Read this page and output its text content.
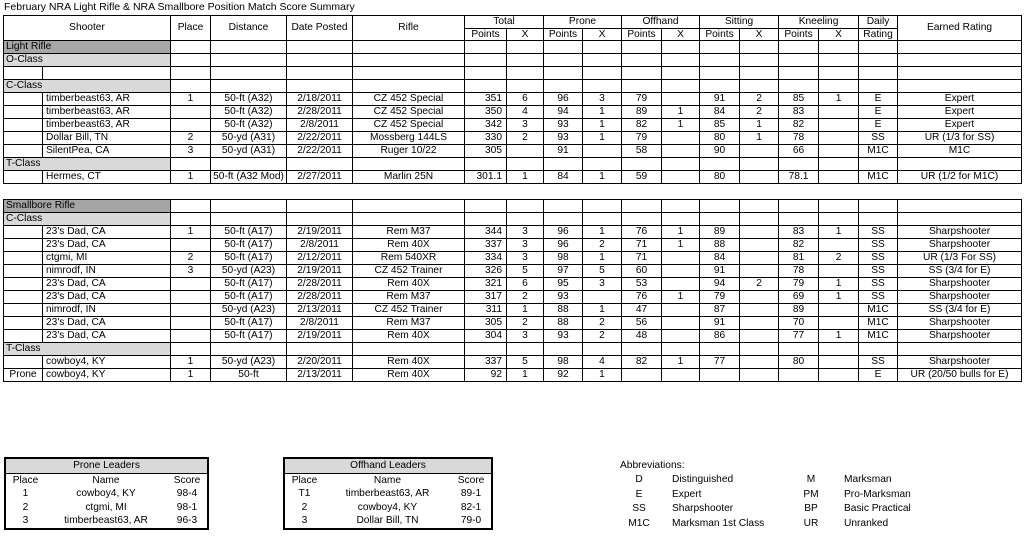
February NRA Light Rifle & NRA Smallbore Position Match Score Summary
Shooter		Place	Distance	Date Posted	Rifle	Total		Prone		Offhand		Sitting		Kneeling		Daily	Earned Rating
						Points	X	Points	X	Points	X	Points	X	Points	X	Rating	
Light Rifle																	
O-Class																	

C-Class																	
	timberbeast63, AR	1	50-ft (A32)	2/18/2011	CZ 452 Special	351	6	96	3	79		91	2	85	1	E	Expert
	timberbeast63, AR		50-ft (A32)	2/28/2011	CZ 452 Special	350	4	94	1	89	1	84	2	83		E	Expert
	timberbeast63, AR		50-ft (A32)	2/8/2011	CZ 452 Special	342	3	93	1	82	1	85	1	82		E	Expert
	Dollar Bill, TN	2	50-yd (A31)	2/22/2011	Mossberg 144LS	330	2	93	1	79		80	1	78		SS	UR (1/3 for SS)
	SilentPea, CA	3	50-yd (A31)	2/22/2011	Ruger 10/22	305		91		58		90		66		M1C	M1C
T-Class																	
	Hermes, CT	1	50-ft (A32 Mod)	2/27/2011	Marlin 25N	301.1	1	84	1	59		80		78.1		M1C	UR (1/2 for M1C)

Smallbore Rifle																	
C-Class																	
	23's Dad, CA	1	50-ft (A17)	2/19/2011	Rem M37	344	3	96	1	76	1	89		83	1	SS	Sharpshooter
	23's Dad, CA		50-ft (A17)	2/8/2011	Rem 40X	337	3	96	2	71	1	88		82		SS	Sharpshooter
	ctgmi, MI	2	50-ft (A17)	2/12/2011	Rem 540XR	334	3	98	1	71		84		81	2	SS	UR (1/3 For SS)
	nimrodf, IN	3	50-yd (A23)	2/19/2011	CZ 452 Trainer	326	5	97	5	60		91		78		SS	SS (3/4 for E)
	23's Dad, CA		50-ft (A17)	2/28/2011	Rem 40X	321	6	95	3	53		94	2	79	1	SS	Sharpshooter
	23's Dad, CA		50-ft (A17)	2/28/2011	Rem M37	317	2	93		76	1	79		69	1	SS	Sharpshooter
	nimrodf, IN		50-yd (A23)	2/13/2011	CZ 452 Trainer	311	1	88	1	47		87		89		M1C	SS (3/4 for E)
	23's Dad, CA		50-ft (A17)	2/8/2011	Rem M37	305	2	88	2	56		91		70		M1C	Sharpshooter
	23's Dad, CA		50-ft (A17)	2/19/2011	Rem 40X	304	3	93	2	48		86		77	1	M1C	Sharpshooter
T-Class																	
	cowboy4, KY	1	50-yd (A23)	2/20/2011	Rem 40X	337	5	98	4	82	1	77		80		SS	Sharpshooter
Prone	cowboy4, KY	1	50-ft	2/13/2011	Rem 40X	92	1	92	1							E	UR (20/50 bulls for E)
Prone Leaders		
Place	Name	Score
1	cowboy4, KY	98-4
2	ctgmi, MI	98-1
3	timberbeast63, AR	96-3
Offhand Leaders		
Place	Name	Score
T1	timberbeast63, AR	89-1
2	cowboy4, KY	82-1
3	Dollar Bill, TN	79-0
Abbreviations:
D		Distinguished	M		Marksman
E		Expert	PM		Pro-Marksman
SS		Sharpshooter	BP		Basic Practical
M1C		Marksman 1st Class	UR		Unranked
